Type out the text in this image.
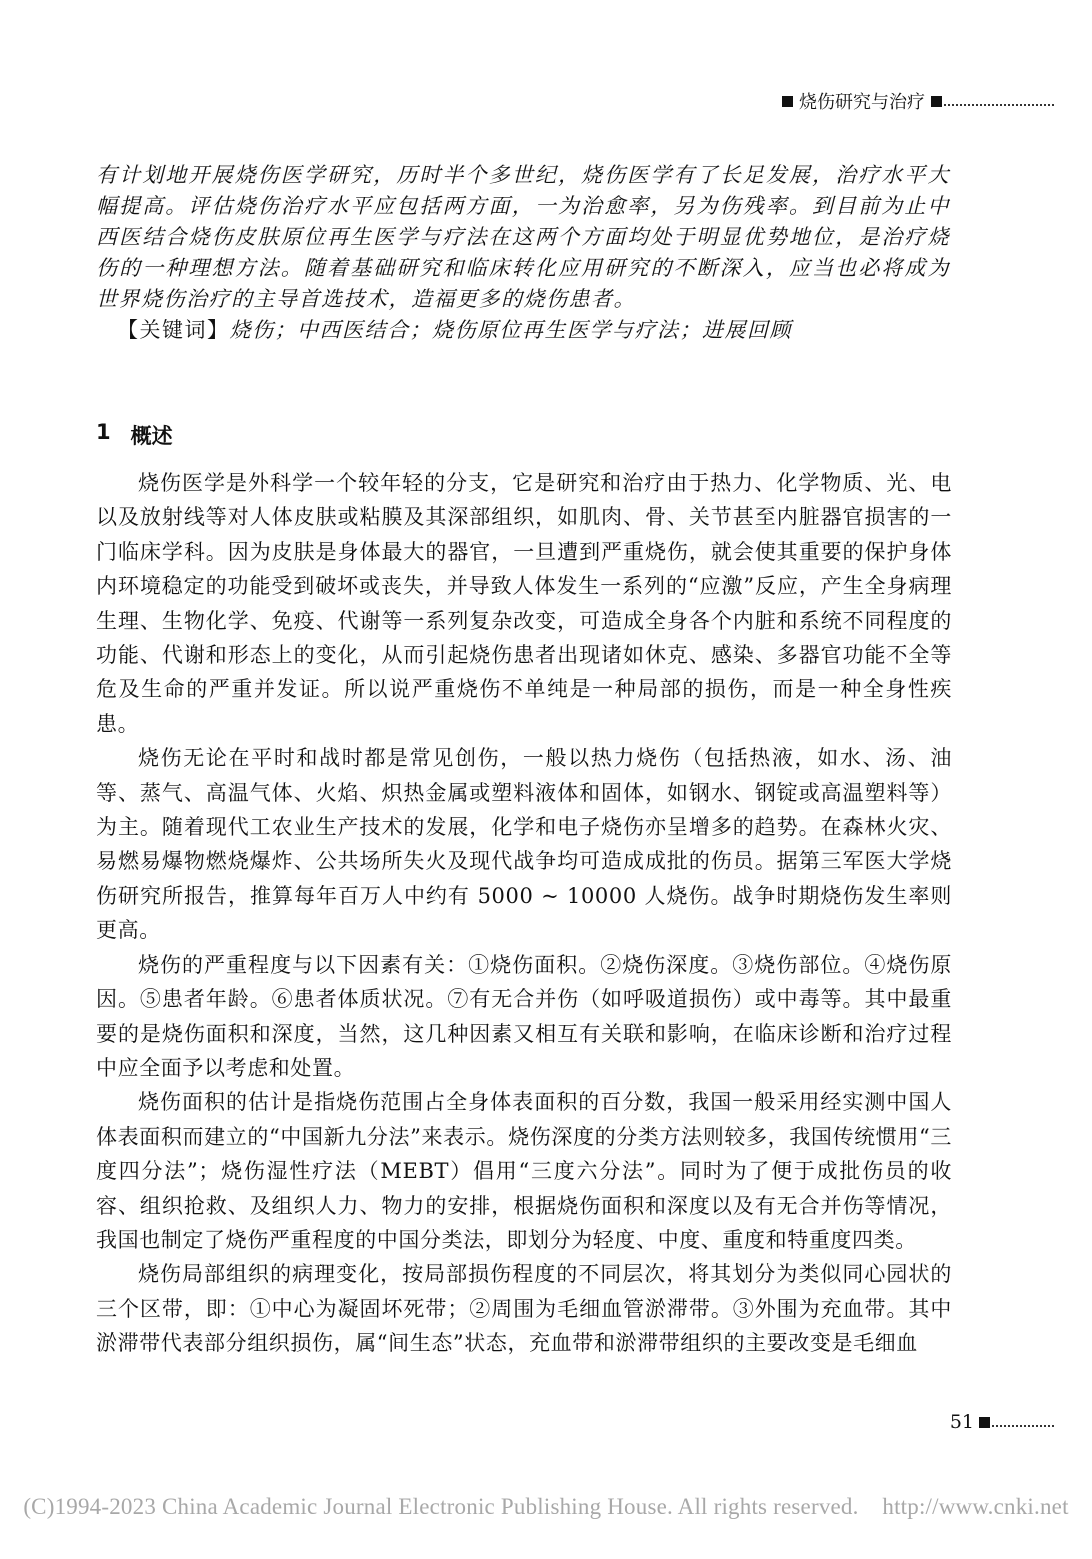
烧伤研究与治疗

有计划地开展烧伤医学研究，历时半个多世纪，烧伤医学有了长足发展，治疗水平大幅提高。评估烧伤治疗水平应包括两方面，一为治愈率，另为伤残率。到目前为止中西医结合烧伤皮肤原位再生医学与疗法在这两个方面均处于明显优势地位，是治疗烧伤的一种理想方法。随着基础研究和临床转化应用研究的不断深入，应当也必将成为世界烧伤治疗的主导首选技术，造福更多的烧伤患者。

【关键词】烧伤；中西医结合；烧伤原位再生医学与疗法；进展回顾

1 概述

烧伤医学是外科学一个较年轻的分支，它是研究和治疗由于热力、化学物质、光、电以及放射线等对人体皮肤或粘膜及其深部组织，如肌肉、骨、关节甚至内脏器官损害的一门临床学科。因为皮肤是身体最大的器官，一旦遭到严重烧伤，就会使其重要的保护身体内环境稳定的功能受到破坏或丧失，并导致人体发生一系列的“应激”反应，产生全身病理生理、生物化学、免疫、代谢等一系列复杂改变，可造成全身各个内脏和系统不同程度的功能、代谢和形态上的变化，从而引起烧伤患者出现诸如休克、感染、多器官功能不全等危及生命的严重并发证。所以说严重烧伤不单纯是一种局部的损伤，而是一种全身性疾患。

烧伤无论在平时和战时都是常见创伤，一般以热力烧伤（包括热液，如水、汤、油等、蒸气、高温气体、火焰、炽热金属或塑料液体和固体，如钢水、钢锭或高温塑料等）为主。随着现代工农业生产技术的发展，化学和电子烧伤亦呈增多的趋势。在森林火灾、易燃易爆物燃烧爆炸、公共场所失火及现代战争均可造成成批的伤员。据第三军医大学烧伤研究所报告，推算每年百万人中约有 5000 ~ 10000 人烧伤。战争时期烧伤发生率则更高。

烧伤的严重程度与以下因素有关：①烧伤面积。②烧伤深度。③烧伤部位。④烧伤原因。⑤患者年龄。⑥患者体质状况。⑦有无合并伤（如呼吸道损伤）或中毒等。其中最重要的是烧伤面积和深度，当然，这几种因素又相互有关联和影响，在临床诊断和治疗过程中应全面予以考虑和处置。

烧伤面积的估计是指烧伤范围占全身体表面积的百分数，我国一般采用经实测中国人体表面积而建立的“中国新九分法”来表示。烧伤深度的分类方法则较多，我国传统惯用“三度四分法”；烧伤湿性疗法（MEBT）倡用“三度六分法”。同时为了便于成批伤员的收容、组织抢救、及组织人力、物力的安排，根据烧伤面积和深度以及有无合并伤等情况，我国也制定了烧伤严重程度的中国分类法，即划分为轻度、中度、重度和特重度四类。

烧伤局部组织的病理变化，按局部损伤程度的不同层次，将其划分为类似同心园状的三个区带，即：①中心为凝固坏死带；②周围为毛细血管淤滞带。③外围为充血带。其中淤滞带代表部分组织损伤，属“间生态”状态，充血带和淤滞带组织的主要改变是毛细血

51
(C)1994-2023 China Academic Journal Electronic Publishing House. All rights reserved.    http://www.cnki.net
